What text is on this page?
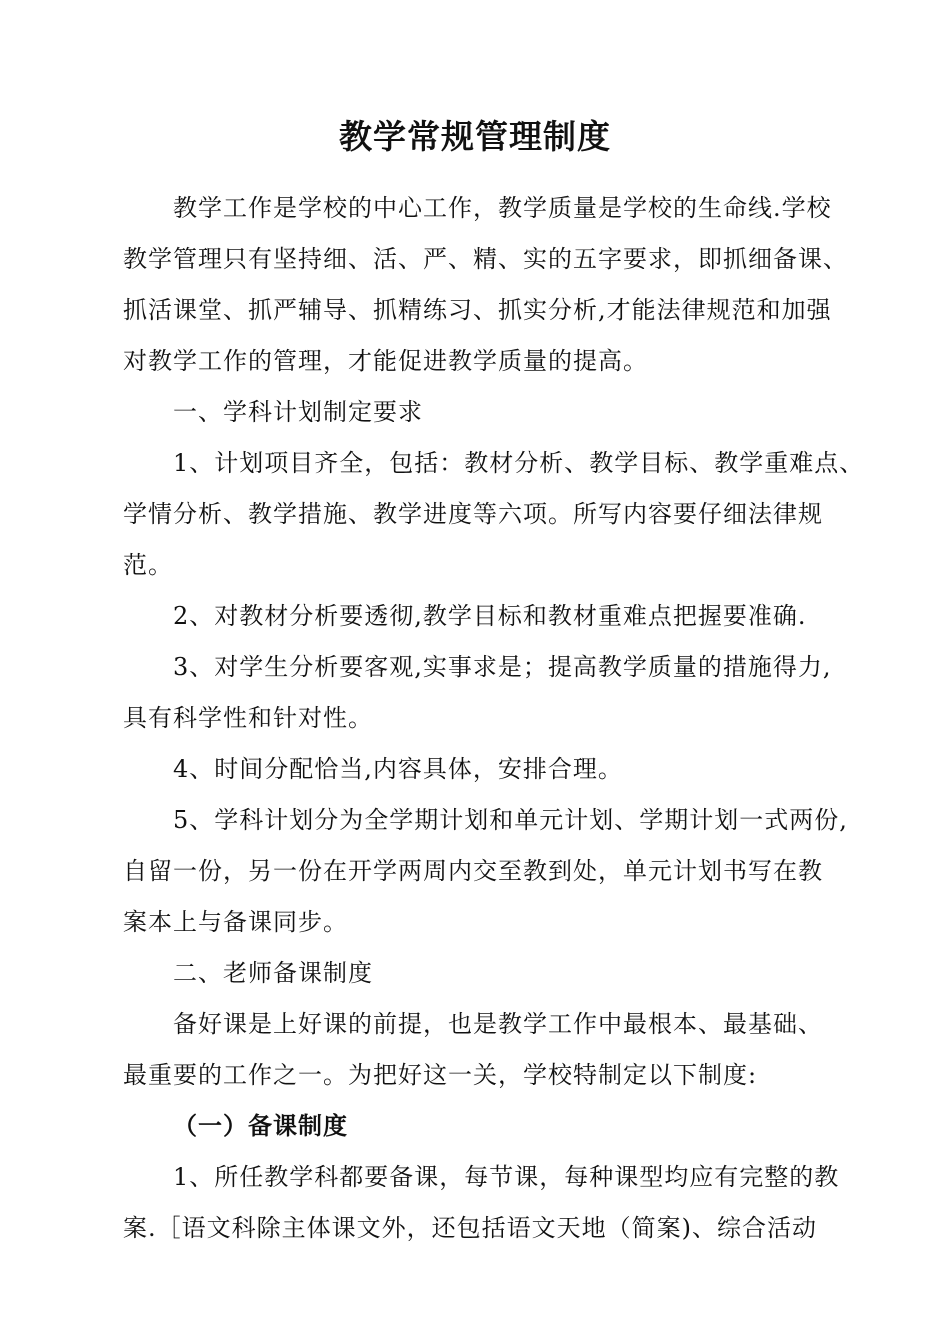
教学常规管理制度
教学工作是学校的中心工作，教学质量是学校的生命线.学校
教学管理只有坚持细、活、严、精、实的五字要求，即抓细备课、
抓活课堂、抓严辅导、抓精练习、抓实分析,才能法律规范和加强
对教学工作的管理，才能促进教学质量的提高。
一、学科计划制定要求
1、计划项目齐全，包括：教材分析、教学目标、教学重难点、
学情分析、教学措施、教学进度等六项。所写内容要仔细法律规
范。
2、对教材分析要透彻,教学目标和教材重难点把握要准确.
3、对学生分析要客观,实事求是；提高教学质量的措施得力,
具有科学性和针对性。
4、时间分配恰当,内容具体，安排合理。
5、学科计划分为全学期计划和单元计划、学期计划一式两份,
自留一份，另一份在开学两周内交至教到处，单元计划书写在教
案本上与备课同步。
二、老师备课制度
备好课是上好课的前提，也是教学工作中最根本、最基础、
最重要的工作之一。为把好这一关，学校特制定以下制度:
（一）备课制度
1、所任教学科都要备课，每节课，每种课型均应有完整的教
案.［语文科除主体课文外，还包括语文天地（简案)、综合活动
